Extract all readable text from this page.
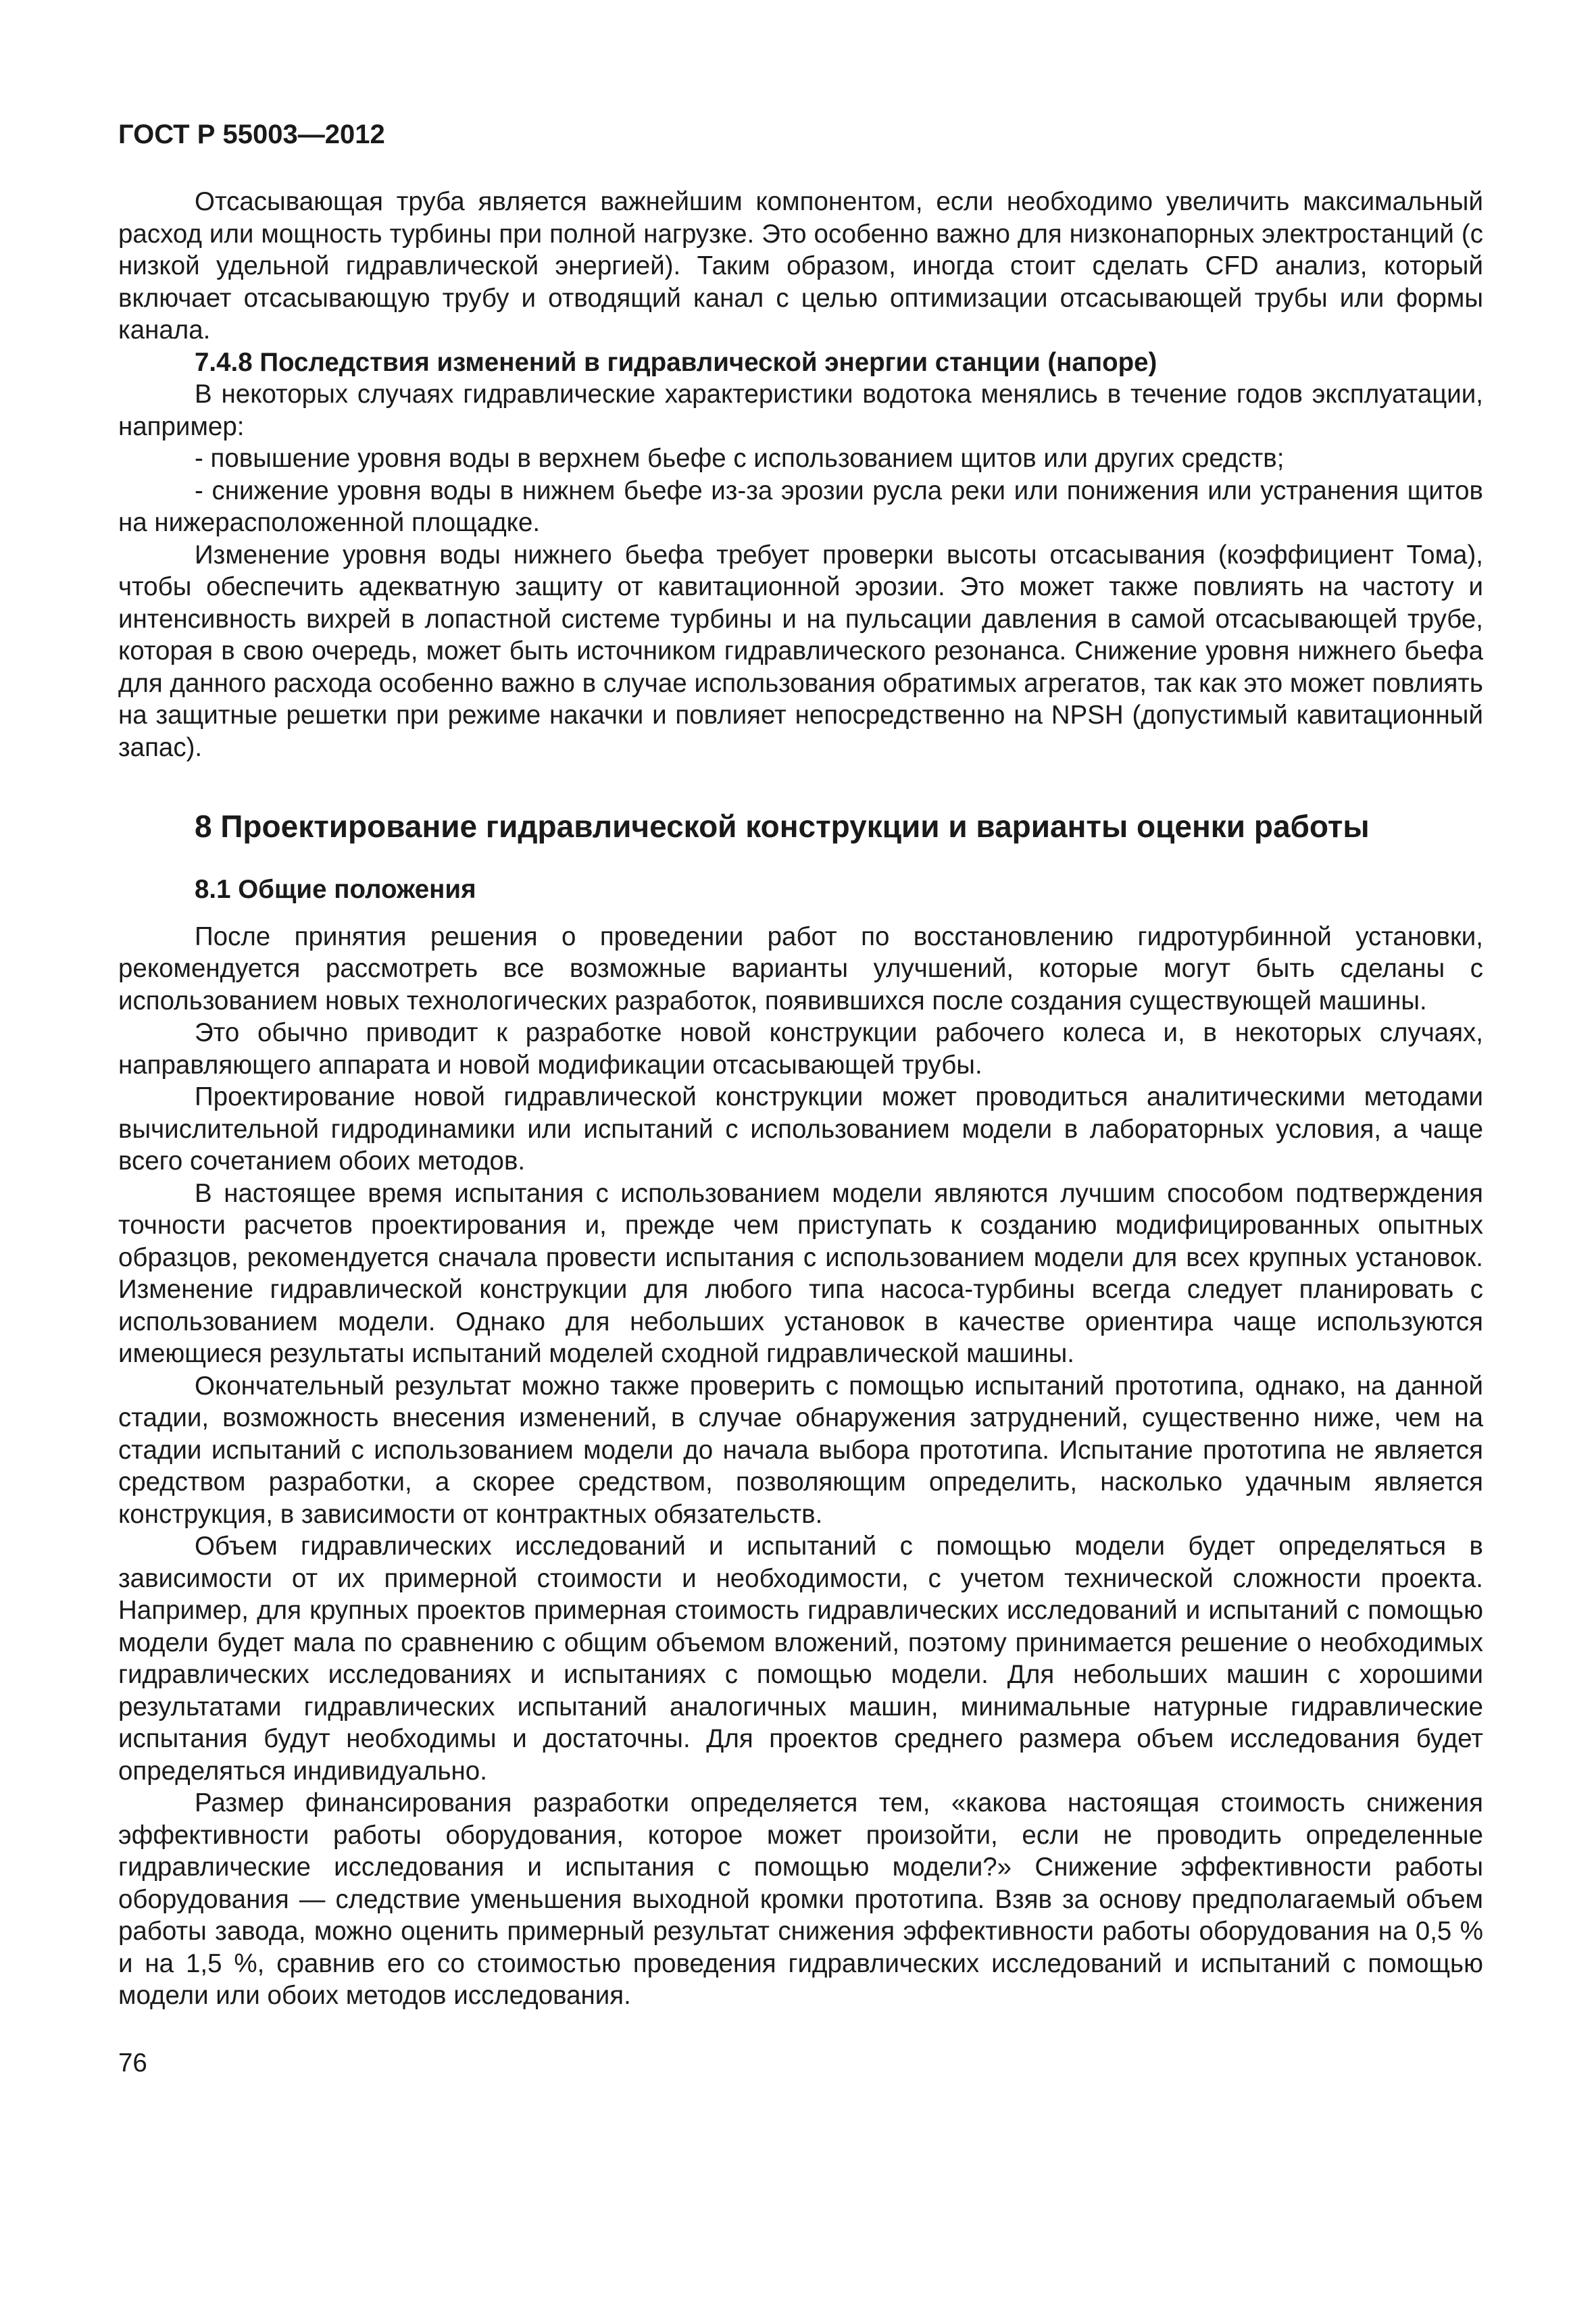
ГОСТ Р 55003—2012

Отсасывающая труба является важнейшим компонентом, если необходимо увеличить максимальный расход или мощность турбины при полной нагрузке. Это особенно важно для низконапорных электростанций (с низкой удельной гидравлической энергией). Таким образом, иногда стоит сделать CFD анализ, который включает отсасывающую трубу и отводящий канал с целью оптимизации отсасывающей трубы или формы канала.

7.4.8 Последствия изменений в гидравлической энергии станции (напоре)

В некоторых случаях гидравлические характеристики водотока менялись в течение годов эксплуатации, например:

- повышение уровня воды в верхнем бьефе с использованием щитов или других средств;

- снижение уровня воды в нижнем бьефе из-за эрозии русла реки или понижения или устранения щитов на нижерасположенной площадке.

Изменение уровня воды нижнего бьефа требует проверки высоты отсасывания (коэффициент Тома), чтобы обеспечить адекватную защиту от кавитационной эрозии. Это может также повлиять на частоту и интенсивность вихрей в лопастной системе турбины и на пульсации давления в самой отсасывающей трубе, которая в свою очередь, может быть источником гидравлического резонанса. Снижение уровня нижнего бьефа для данного расхода особенно важно в случае использования обратимых агрегатов, так как это может повлиять на защитные решетки при режиме накачки и повлияет непосредственно на NPSH (допустимый кавитационный запас).

8 Проектирование гидравлической конструкции и варианты оценки работы
8.1 Общие положения

После принятия решения о проведении работ по восстановлению гидротурбинной установки, рекомендуется рассмотреть все возможные варианты улучшений, которые могут быть сделаны с использованием новых технологических разработок, появившихся после создания существующей машины.

Это обычно приводит к разработке новой конструкции рабочего колеса и, в некоторых случаях, направляющего аппарата и новой модификации отсасывающей трубы.

Проектирование новой гидравлической конструкции может проводиться аналитическими методами вычислительной гидродинамики или испытаний с использованием модели в лабораторных условия, а чаще всего сочетанием обоих методов.

В настоящее время испытания с использованием модели являются лучшим способом подтверждения точности расчетов проектирования и, прежде чем приступать к созданию модифицированных опытных образцов, рекомендуется сначала провести испытания с использованием модели для всех крупных установок. Изменение гидравлической конструкции для любого типа насоса-турбины всегда следует планировать с использованием модели. Однако для небольших установок в качестве ориентира чаще используются имеющиеся результаты испытаний моделей сходной гидравлической машины.

Окончательный результат можно также проверить с помощью испытаний прототипа, однако, на данной стадии, возможность внесения изменений, в случае обнаружения затруднений, существенно ниже, чем на стадии испытаний с использованием модели до начала выбора прототипа. Испытание прототипа не является средством разработки, а скорее средством, позволяющим определить, насколько удачным является конструкция, в зависимости от контрактных обязательств.

Объем гидравлических исследований и испытаний с помощью модели будет определяться в зависимости от их примерной стоимости и необходимости, с учетом технической сложности проекта. Например, для крупных проектов примерная стоимость гидравлических исследований и испытаний с помощью модели будет мала по сравнению с общим объемом вложений, поэтому принимается решение о необходимых гидравлических исследованиях и испытаниях с помощью модели. Для небольших машин с хорошими результатами гидравлических испытаний аналогичных машин, минимальные натурные гидравлические испытания будут необходимы и достаточны. Для проектов среднего размера объем исследования будет определяться индивидуально.

Размер финансирования разработки определяется тем, «какова настоящая стоимость снижения эффективности работы оборудования, которое может произойти, если не проводить определенные гидравлические исследования и испытания с помощью модели?» Снижение эффективности работы оборудования — следствие уменьшения выходной кромки прототипа. Взяв за основу предполагаемый объем работы завода, можно оценить примерный результат снижения эффективности работы оборудования на 0,5 % и на 1,5 %, сравнив его со стоимостью проведения гидравлических исследований и испытаний с помощью модели или обоих методов исследования.

76
